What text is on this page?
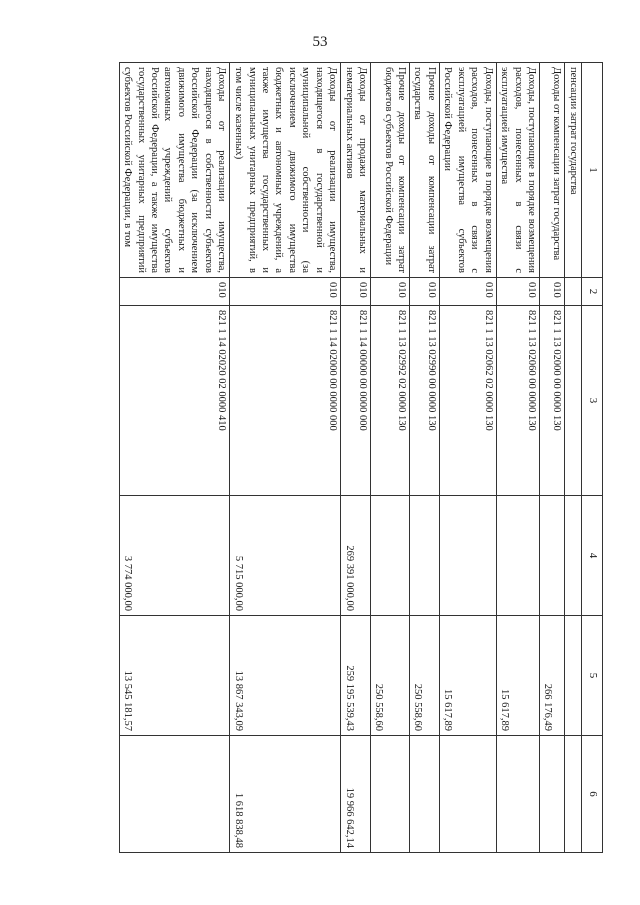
53
1	2	3	4	5	6
пенсации затрат государства					
Доходы от компенсации затрат государства	010	821 1 13 02000 00 0000 130		266 176,49	
Доходы, поступающие в порядке возмещения расходов, понесенных в связи с эксплуатацией имущества	010	821 1 13 02060 00 0000 130		15 617,89	
Доходы, поступающие в порядке возмещения расходов, понесенных в связи с эксплуатацией имущества субъектов Российской Федерации	010	821 1 13 02062 02 0000 130		15 617,89	
Прочие доходы от компенсации затрат государства	010	821 1 13 02990 00 0000 130		250 558,60	
Прочие доходы от компенсации затрат бюджетов субъектов Российской Федерации	010	821 1 13 02992 02 0000 130		250 558,60	
Доходы от продажи материальных и нематериальных активов	010	821 1 14 00000 00 0000 000	269 391 000,00	259 195 539,43	19 966 642,14
Доходы от реализации имущества, находящегося в государственной и муниципальной собственности (за исключением движимого имущества бюджетных и автономных учреждений, а также имущества государственных и муниципальных унитарных предприятий, в том числе казенных)	010	821 1 14 02000 00 0000 000	5 715 000,00	13 867 343,09	1 618 838,48
Доходы от реализации имущества, находящегося в собственности субъектов Российской Федерации (за исключением движимого имущества бюджетных и автономных учреждений субъектов Российской Федерации, а также имущества государственных унитарных предприятий субъектов Российской Федерации, в том	010	821 1 14 02020 02 0000 410	3 774 000,00	13 545 181,57	
